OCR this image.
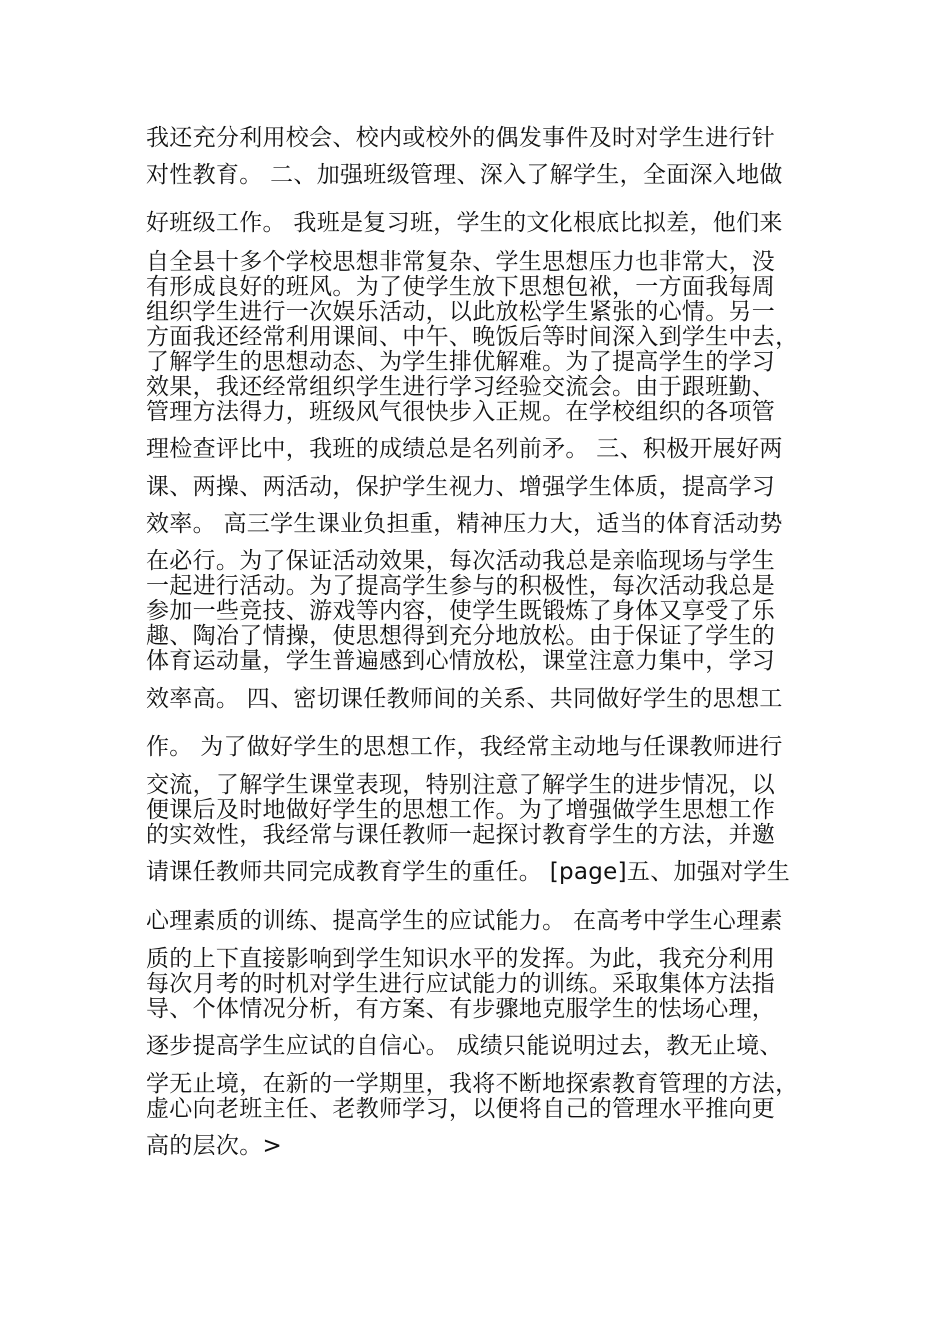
我还充分利用校会、校内或校外的偶发事件及时对学生进行针

对性教育。 二、加强班级管理、深入了解学生，全面深入地做

好班级工作。 我班是复习班，学生的文化根底比拟差，他们来

自全县十多个学校思想非常复杂、学生思想压力也非常大，没

有形成良好的班风。为了使学生放下思想包袱，一方面我每周

组织学生进行一次娱乐活动，以此放松学生紧张的心情。另一

方面我还经常利用课间、中午、晚饭后等时间深入到学生中去，

了解学生的思想动态、为学生排优解难。为了提高学生的学习

效果，我还经常组织学生进行学习经验交流会。由于跟班勤、

管理方法得力，班级风气很快步入正规。在学校组织的各项管

理检查评比中，我班的成绩总是名列前矛。 三、积极开展好两

课、两操、两活动，保护学生视力、增强学生体质，提高学习

效率。 高三学生课业负担重，精神压力大，适当的体育活动势

在必行。为了保证活动效果，每次活动我总是亲临现场与学生

一起进行活动。为了提高学生参与的积极性，每次活动我总是

参加一些竞技、游戏等内容，使学生既锻炼了身体又享受了乐

趣、陶冶了情操，使思想得到充分地放松。由于保证了学生的

体育运动量，学生普遍感到心情放松，课堂注意力集中，学习

效率高。 四、密切课任教师间的关系、共同做好学生的思想工

作。 为了做好学生的思想工作，我经常主动地与任课教师进行

交流，了解学生课堂表现，特别注意了解学生的进步情况，以

便课后及时地做好学生的思想工作。为了增强做学生思想工作

的实效性，我经常与课任教师一起探讨教育学生的方法，并邀

请课任教师共同完成教育学生的重任。 [page]五、加强对学生

心理素质的训练、提高学生的应试能力。 在高考中学生心理素

质的上下直接影响到学生知识水平的发挥。为此，我充分利用

每次月考的时机对学生进行应试能力的训练。采取集体方法指

导、个体情况分析，有方案、有步骤地克服学生的怯场心理，

逐步提高学生应试的自信心。 成绩只能说明过去，教无止境、

学无止境，在新的一学期里，我将不断地探索教育管理的方法，

虚心向老班主任、老教师学习，以便将自己的管理水平推向更

高的层次。>
